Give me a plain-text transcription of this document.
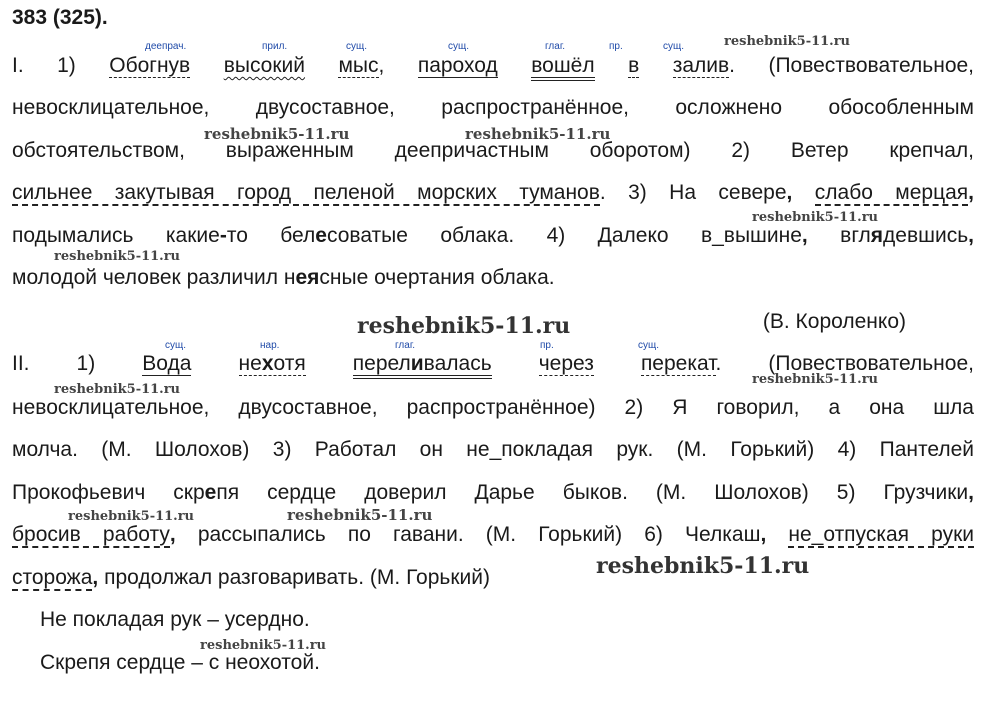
383 (325).
деепрач.	прил.	сущ.	сущ.	глаг.	пр.	сущ.
I. 1) Обогнув высокий мыс, пароход вошёл в залив. (Повествовательное,
невосклицательное, двусоставное, распространённое, осложнено обособленным
обстоятельством, выраженным деепричастным оборотом) 2) Ветер крепчал,
сильнее закутывая город пеленой морских туманов. 3) На севере, слабо мерцая,
подымались какие-то белесоватые облака. 4) Далеко в_вышине, вглядевшись,
молодой человек различил неясные очертания облака.
(В. Короленко)
сущ.	нар.	глаг.	пр.	сущ.
II. 1) Вода нехотя переливалась через перекат. (Повествовательное,
невосклицательное, двусоставное, распространённое) 2) Я говорил, а она шла
молча. (М. Шолохов) 3) Работал он не_покладая рук. (М. Горький) 4) Пантелей
Прокофьевич скрепя сердце доверил Дарье быков. (М. Шолохов) 5) Грузчики,
бросив работу, рассыпались по гавани. (М. Горький) 6) Челкаш, не_отпуская руки
сторожа, продолжал разговаривать. (М. Горький)
Не покладая рук – усердно.
Скрепя сердце – с неохотой.
reshebnik5-11.ru
reshebnik5-11.ru	reshebnik5-11.ru
reshebnik5-11.ru
reshebnik5-11.ru
reshebnik5-11.ru
reshebnik5-11.ru
reshebnik5-11.ru
reshebnik5-11.ru	reshebnik5-11.ru
reshebnik5-11.ru
reshebnik5-11.ru
